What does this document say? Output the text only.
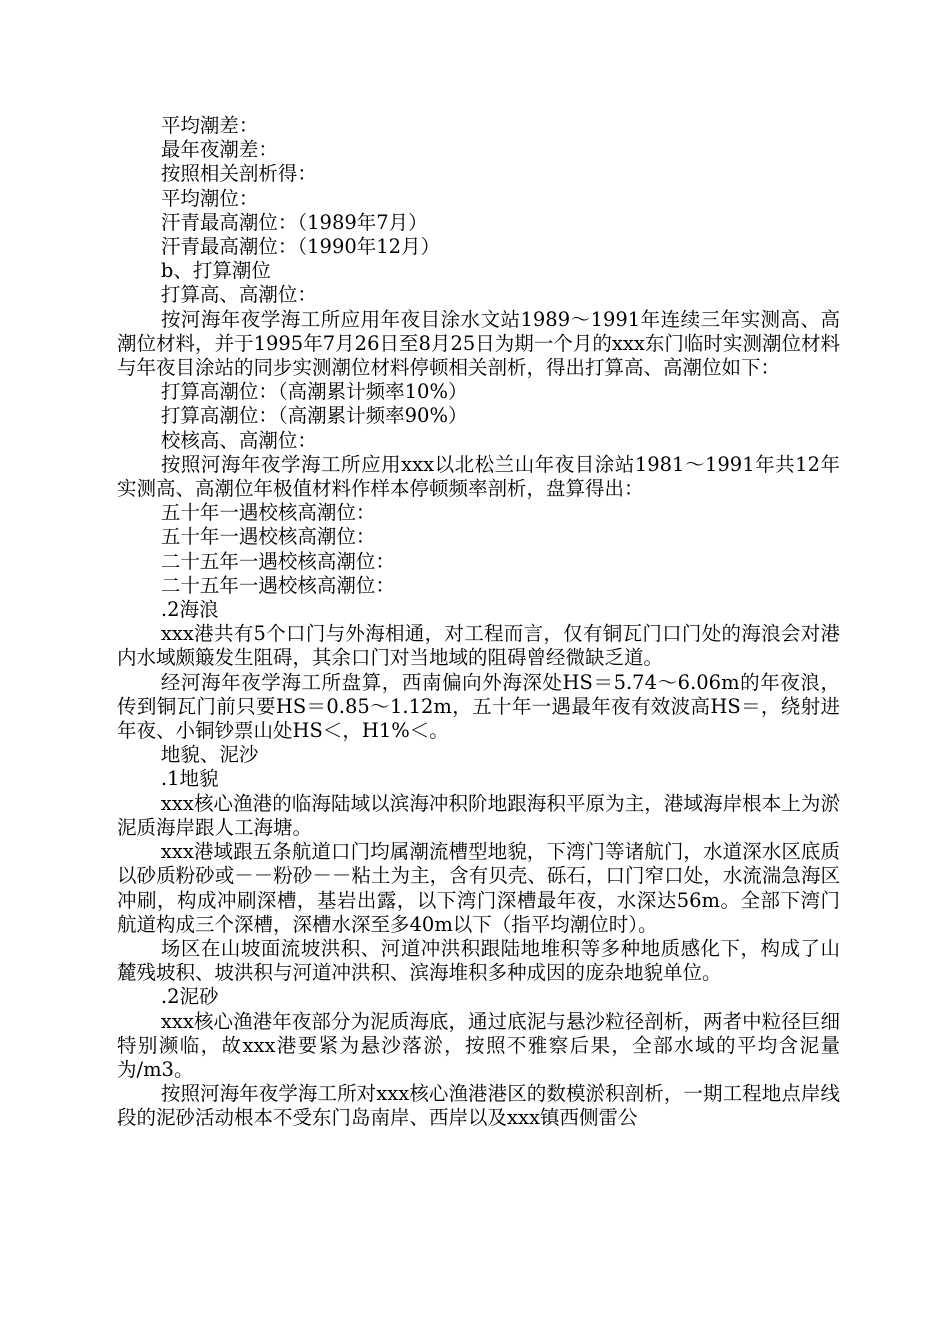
平均潮差：

最年夜潮差：

按照相关剖析得：

平均潮位：

汗青最高潮位：（1989年7月）

汗青最高潮位：（1990年12月）

b、打算潮位

打算高、高潮位：

按河海年夜学海工所应用年夜目涂水文站1989～1991年连续三年实测高、高潮位材料，并于1995年7月26日至8月25日为期一个月的xxx东门临时实测潮位材料与年夜目涂站的同步实测潮位材料停顿相关剖析，得出打算高、高潮位如下：

打算高潮位：（高潮累计频率10%）

打算高潮位：（高潮累计频率90%）

校核高、高潮位：

按照河海年夜学海工所应用xxx以北松兰山年夜目涂站1981～1991年共12年实测高、高潮位年极值材料作样本停顿频率剖析，盘算得出：

五十年一遇校核高潮位：

五十年一遇校核高潮位：

二十五年一遇校核高潮位：

二十五年一遇校核高潮位：

.2海浪

xxx港共有5个口门与外海相通，对工程而言，仅有铜瓦门口门处的海浪会对港内水域颇簸发生阻碍，其余口门对当地域的阻碍曾经微缺乏道。

经河海年夜学海工所盘算，西南偏向外海深处HS＝5.74～6.06m的年夜浪，传到铜瓦门前只要HS＝0.85～1.12m，五十年一遇最年夜有效波高HS＝，绕射进年夜、小铜钞票山处HS＜，H1%＜。

地貌、泥沙

.1地貌

xxx核心渔港的临海陆域以滨海冲积阶地跟海积平原为主，港域海岸根本上为淤泥质海岸跟人工海塘。

xxx港域跟五条航道口门均属潮流槽型地貌，下湾门等诸航门，水道深水区底质以砂质粉砂或－－粉砂－－粘土为主，含有贝壳、砾石，口门窄口处，水流湍急海区冲刷，构成冲刷深槽，基岩出露，以下湾门深槽最年夜，水深达56m。全部下湾门航道构成三个深槽，深槽水深至多40m以下（指平均潮位时）。

场区在山坡面流坡洪积、河道冲洪积跟陆地堆积等多种地质感化下，构成了山麓残坡积、坡洪积与河道冲洪积、滨海堆积多种成因的庞杂地貌单位。

.2泥砂

xxx核心渔港年夜部分为泥质海底，通过底泥与悬沙粒径剖析，两者中粒径巨细特别濒临，故xxx港要紧为悬沙落淤，按照不雅察后果，全部水域的平均含泥量为/m3。

按照河海年夜学海工所对xxx核心渔港港区的数模淤积剖析，一期工程地点岸线段的泥砂活动根本不受东门岛南岸、西岸以及xxx镇西侧雷公
